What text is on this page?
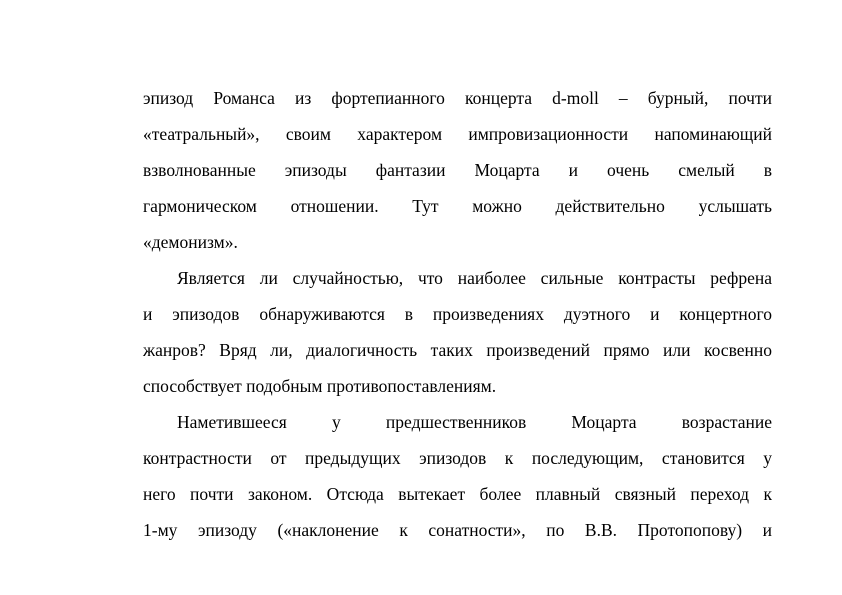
эпизод Романса из фортепианного концерта d-moll – бурный, почти
«театральный», своим характером импровизационности напоминающий
взволнованные эпизоды фантазии Моцарта и очень смелый в
гармоническом отношении. Тут можно действительно услышать
«демонизм».
Является ли случайностью, что наиболее сильные контрасты рефрена
и эпизодов обнаруживаются в произведениях дуэтного и концертного
жанров? Вряд ли, диалогичность таких произведений прямо или косвенно
способствует подобным противопоставлениям.
Наметившееся у предшественников Моцарта возрастание
контрастности от предыдущих эпизодов к последующим, становится у
него почти законом. Отсюда вытекает более плавный связный переход к
1-му эпизоду («наклонение к сонатности», по В.В. Протопопову) и
